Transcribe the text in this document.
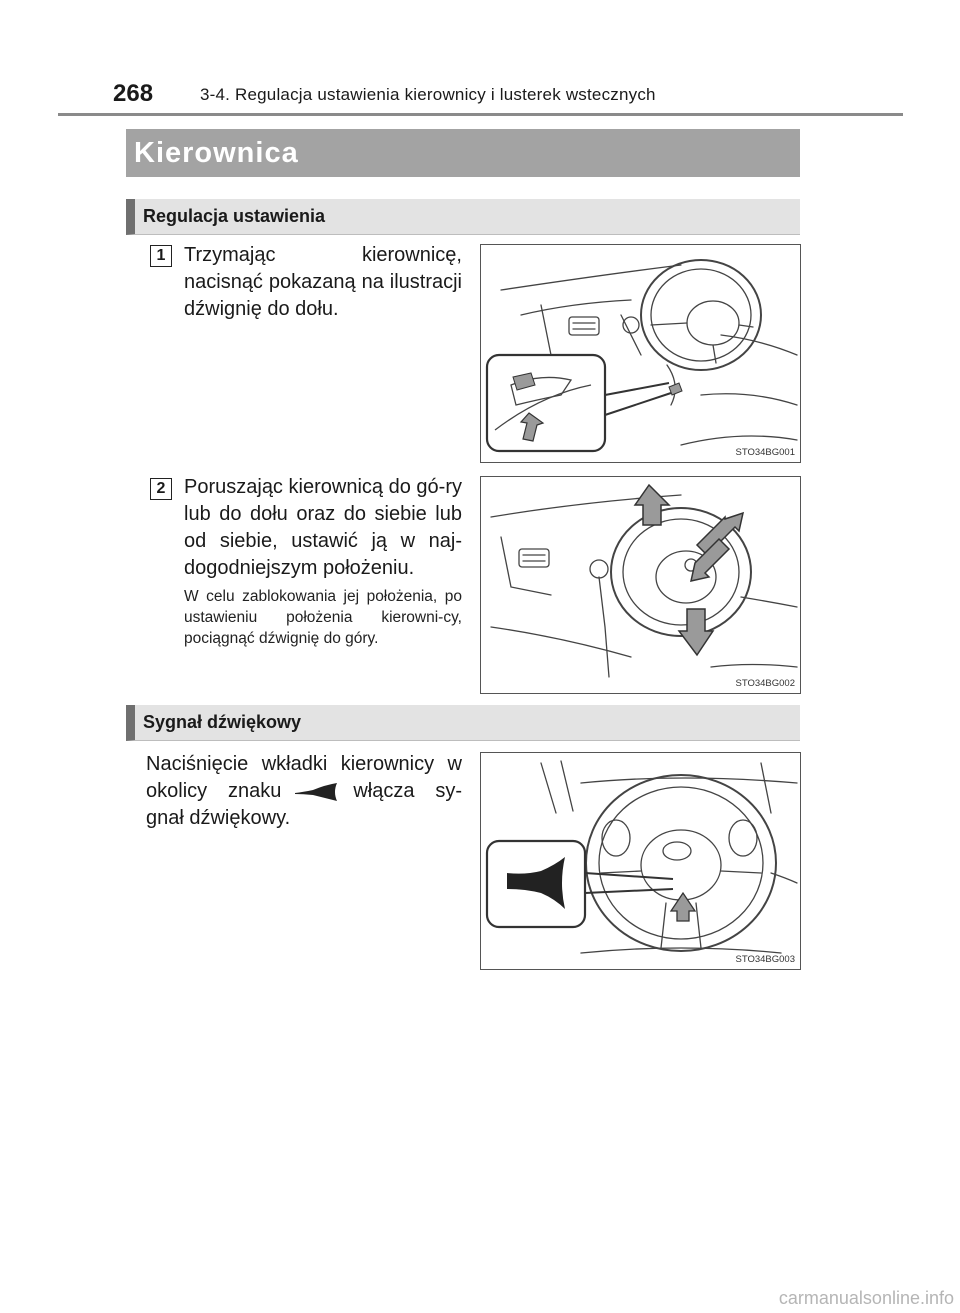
268	3-4. Regulacja ustawienia kierownicy i lusterek wstecznych
Kierownica
Regulacja ustawienia
1 Trzymając kierownicę, nacisnąć pokazaną na ilustracji dźwignię do dołu.
STO34BG001
2 Poruszając kierownicą do gó-ry lub do dołu oraz do siebie lub od siebie, ustawić ją w naj-dogodniejszym położeniu.
W celu zablokowania jej położenia, po ustawieniu położenia kierowni-cy, pociągnąć dźwignię do góry.
STO34BG002
Sygnał dźwiękowy
Naciśnięcie wkładki kierownicy w okolicy znaku	włącza sy-gnał dźwiękowy.
STO34BG003
carmanualsonline.info
